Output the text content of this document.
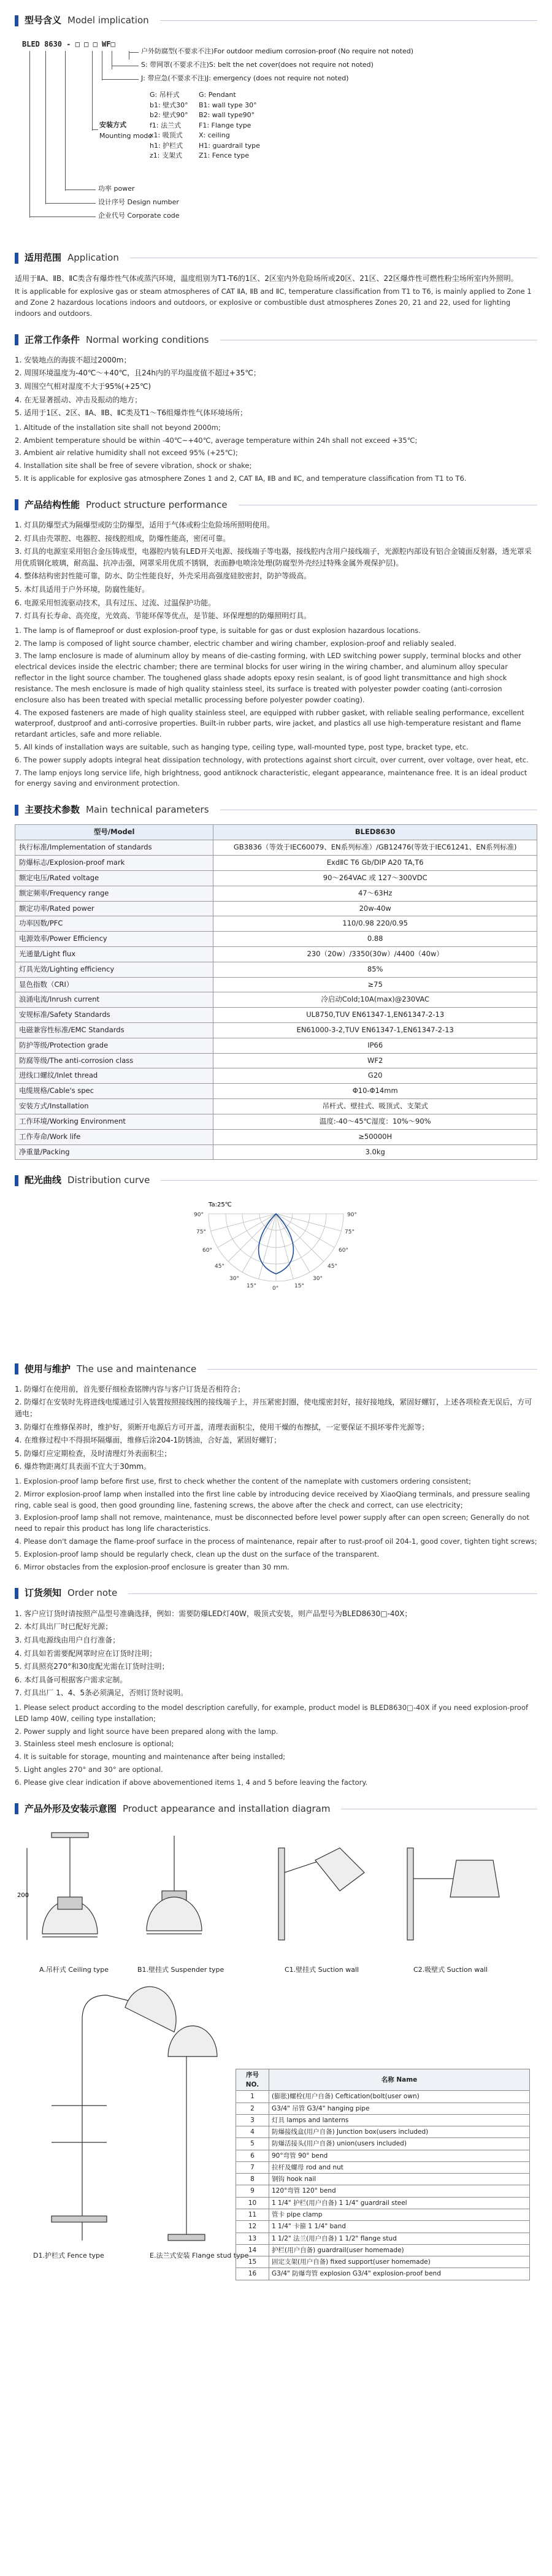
型号含义 Model implication
BLED 8630 - □ □ □ WF□
户外防腐型(不要求不注)For outdoor medium corrosion-proof (No require not noted)
S: 带网罩(不要求不注)S: belt the net cover(does not require not noted)
J: 带应急(不要求不注)J: emergency (does not require not noted)
安装方式
Mounting mode
G: 吊杆式
b1: 壁式30°
b2: 壁式90°
f1: 法兰式
x1: 吸顶式
h1: 护栏式
z1: 支架式
G: Pendant
B1: wall type 30°
B2: wall type90°
F1: Flange type
X: ceiling
H1: guardrail type
Z1: Fence type
功率 power
设计序号 Design number
企业代号 Corporate code
适用范围 Application

适用于ⅡA、ⅡB、ⅡC类含有爆炸性气体或蒸汽环境，温度组别为T1-T6的1区、2区室内外危险场所或20区、21区、22区爆炸性可燃性粉尘场所室内外照明。

It is applicable for explosive gas or steam atmospheres of CAT ⅡA, ⅡB and ⅡC, temperature classification from T1 to T6, is mainly applied to Zone 1 and Zone 2 hazardous locations indoors and outdoors, or explosive or combustible dust atmospheres Zones 20, 21 and 22, used for lighting indoors and outdoors.

正常工作条件 Normal working conditions
1. 安装地点的海拔不超过2000m；
2. 周围环境温度为-40℃～+40℃，且24h内的平均温度值不超过+35℃；
3. 周围空气相对湿度不大于95%(+25℃)
4. 在无显著摇动、冲击及振动的地方；
5. 适用于1区、2区、ⅡA、ⅡB、ⅡC类及T1～T6组爆炸性气体环境场所；
1. Altitude of the installation site shall not beyond 2000m;
2. Ambient temperature should be within -40℃~+40℃, average temperature within 24h shall not exceed +35℃;
3. Ambient air relative humidity shall not exceed 95% (+25℃);
4. Installation site shall be free of severe vibration, shock or shake;
5. It is applicable for explosive gas atmosphere Zones 1 and 2, CAT ⅡA, ⅡB and ⅡC, and temperature classification from T1 to T6.
产品结构性能 Product structure performance
1. 灯具防爆型式为隔爆型或防尘防爆型，适用于气体或粉尘危险场所照明使用。
2. 灯具由壳罩腔、电器腔、接线腔组成，防爆性能高，密闭可靠。
3. 灯具的电源室采用铝合金压铸成型，电器腔内装有LED开关电源、接线端子等电器，接线腔内含用户接线端子，光源腔内部设有铝合金镜面反射器，透光罩采用优质钢化玻璃，耐高温、抗冲击强，网罩采用优质不锈钢，表面静电喷涂处理(防腐型外壳经过特殊金属外观保护层)。
4. 整体结构密封性能可靠，防水、防尘性能良好，外壳采用高强度硅胶密封，防护等级高。
5. 本灯具适用于户外环境，防腐性能好。
6. 电源采用恒流驱动技术，具有过压、过流、过温保护功能。
7. 灯具有长寿命、高亮度，光效高、节能环保等优点，是节能、环保理想的防爆照明灯具。
1. The lamp is of flameproof or dust explosion-proof type, is suitable for gas or dust explosion hazardous locations.
2. The lamp is composed of light source chamber, electric chamber and wiring chamber, explosion-proof and reliably sealed.
3. The lamp enclosure is made of aluminum alloy by means of die-casting forming, with LED switching power supply, terminal blocks and other electrical devices inside the electric chamber; there are terminal blocks for user wiring in the wiring chamber, and aluminum alloy specular reflector in the light source chamber. The toughened glass shade adopts epoxy resin sealant, is of good light transmittance and high shock resistance. The mesh enclosure is made of high quality stainless steel, its surface is treated with polyester powder coating (anti-corrosion enclosure also has been treated with special metallic processing before polyester powder coating).
4. The exposed fasteners are made of high quality stainless steel, are equipped with rubber gasket, with reliable sealing performance, excellent waterproof, dustproof and anti-corrosive properties. Built-in rubber parts, wire jacket, and plastics all use high-temperature resistant and flame retardant articles, safe and more reliable.
5. All kinds of installation ways are suitable, such as hanging type, ceiling type, wall-mounted type, post type, bracket type, etc.
6. The power supply adopts integral heat dissipation technology, with protections against short circuit, over current, over voltage, over heat, etc.
7. The lamp enjoys long service life, high brightness, good antiknock characteristic, elegant appearance, maintenance free. It is an ideal product for energy saving and environment protection.
主要技术参数 Main technical parameters
型号/Model	BLED8630
执行标准/Implementation of standards	GB3836（等效于IEC60079、EN系列标准）/GB12476(等效于IEC61241、EN系列标准)
防爆标志/Explosion-proof mark	ExdⅡC T6 Gb/DIP A20 TA,T6
额定电压/Rated voltage	90～264VAC 或 127～300VDC
额定频率/Frequency range	47～63Hz
额定功率/Rated power	20w-40w
功率因数/PFC	110/0.98 220/0.95
电源效率/Power Efficiency	0.88
光通量/Light flux	230（20w）/3350(30w）/4400（40w）
灯具光效/Lighting efficiency	85%
显色指数（CRI）	≥75
浪涌电流/Inrush current	冷启动Cold;10A(max)@230VAC
安规标准/Safety Standards	UL8750,TUV EN61347-1,EN61347-2-13
电磁兼容性标准/EMC Standards	EN61000-3-2,TUV EN61347-1,EN61347-2-13
防护等级/Protection grade	IP66
防腐等级/The anti-corrosion class	WF2
进线口螺纹/Inlet thread	G20
电缆规格/Cable's spec	Φ10-Φ14mm
安装方式/Installation	吊杆式、壁挂式、吸顶式、支架式
工作环境/Working Environment	温度:-40～45℃湿度：10%～90%
工作寿命/Work life	≥50000H
净重量/Packing	3.0kg
配光曲线 Distribution curve
Ta:25℃
0°	15°
15°
30°
30°
45°
45°
60°
60°
75°
75°
90°
90°
使用与维护 The use and maintenance
1. 防爆灯在使用前，首先要仔细检查铭牌内容与客户订货是否相符合；
2. 防爆灯在安装时先将进线电缆通过引入装置按照接线图的接线端子上，并压紧密封圈，使电缆密封好，接好接地线，紧固好螺钉，上述各项检查无误后，方可通电；
3. 防爆灯在维修保养时，维护好，须断开电源后方可开盖，清理表面积尘，使用干燥的布擦拭，一定要保证不损坏零件光源等；
4. 在维修过程中不得损坏隔爆面，维修后涂204-1防锈油，合好盖，紧固好螺钉；
5. 防爆灯应定期检查，及时清理灯外表面积尘；
6. 爆炸物距离灯具表面不宜大于30mm。
1. Explosion-proof lamp before first use, first to check whether the content of the nameplate with customers ordering consistent;
2. Mirror explosion-proof lamp when installed into the first line cable by introducing device received by XiaoQiang terminals, and pressure sealing ring, cable seal is good, then good grounding line, fastening screws, the above after the check and correct, can use electricity;
3. Explosion-proof lamp shall not remove, maintenance, must be disconnected before level power supply after can open screen; Generally do not need to repair this product has long life characteristics.
4. Please don't damage the flame-proof surface in the process of maintenance, repair after to rust-proof oil 204-1, good cover, tighten tight screws;
5. Explosion-proof lamp should be regularly check, clean up the dust on the surface of the transparent.
6. Mirror obstacles from the explosion-proof enclosure is greater than 30 mm.
订货须知 Order note
1. 客户应订货时请按照产品型号准确选择，例如：需要防爆LED灯40W，吸顶式安装，则产品型号为BLED8630□-40X；
2. 本灯具出厂时已配好光源；
3. 灯具电源线由用户自行准备；
4. 灯具如若需要配网罩时应在订货时注明；
5. 灯具照亮270°和30度配光需在订货时注明；
6. 本灯具备可根据客户需求定制。
7. 灯具出厂 1、4、5条必须满足，否则订货时说明。
1. Please select product according to the model description carefully, for example, product model is BLED8630□-40X if you need explosion-proof LED lamp 40W, ceiling type installation;
2. Power supply and light source have been prepared along with the lamp.
3. Stainless steel mesh enclosure is optional;
4. It is suitable for storage, mounting and maintenance after being installed;
5. Light angles 270° and 30° are optional.
6. Please give clear indication if above abovementioned items 1, 4 and 5 before leaving the factory.
产品外形及安装示意图 Product appearance and installation diagram
200
A.吊杆式 Ceiling type	B1.壁挂式 Suspender type	C1.壁挂式 Suction wall	C2.吸壁式 Suction wall
D1.护栏式 Fence type	E.法兰式安装 Flange stud type
序号 NO.	名称 Name
1	(膨胀)螺栓(用户自备) Ceftication(bolt(user own)
2	G3/4" 吊管 G3/4" hanging pipe
3	灯具 lamps and lanterns
4	防爆接线盒(用户自备) Junction box(users included)
5	防爆活接头(用户自备) union(users included)
6	90°弯管 90° bend
7	拉杆及螺母 rod and nut
8	钢钩 hook nail
9	120°弯管 120° bend
10	1 1/4" 护栏(用户自备) 1 1/4" guardrail steel
11	管卡 pipe clamp
12	1 1/4" 卡箍 1 1/4" band
13	1 1/2" 法兰(用户自备) 1 1/2" flange stud
14	护栏(用户自备) guardrail(user homemade)
15	固定支架(用户自备) fixed support(user homemade)
16	G3/4" 防爆弯管 explosion G3/4" explosion-proof bend
